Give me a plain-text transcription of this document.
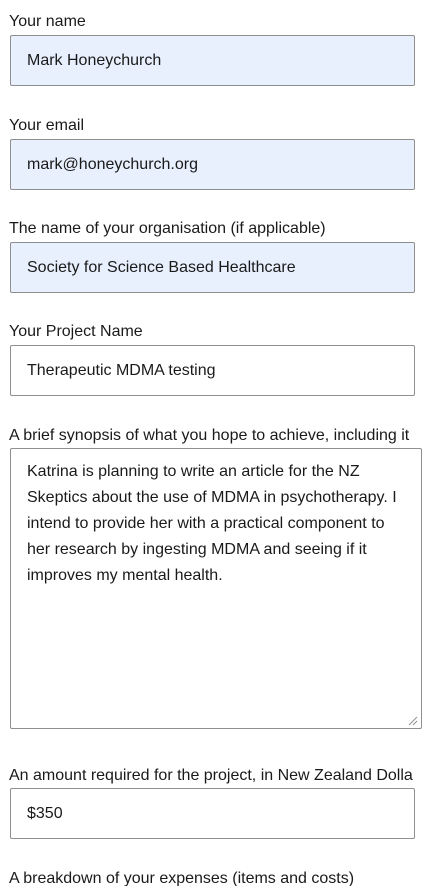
Your name
Mark Honeychurch
Your email
mark@honeychurch.org
The name of your organisation (if applicable)
Society for Science Based Healthcare
Your Project Name
Therapeutic MDMA testing
A brief synopsis of what you hope to achieve, including it
Katrina is planning to write an article for the NZ Skeptics about the use of MDMA in psychotherapy. I intend to provide her with a practical component to her research by ingesting MDMA and seeing if it improves my mental health.
An amount required for the project, in New Zealand Dolla
$350
A breakdown of your expenses (items and costs)
